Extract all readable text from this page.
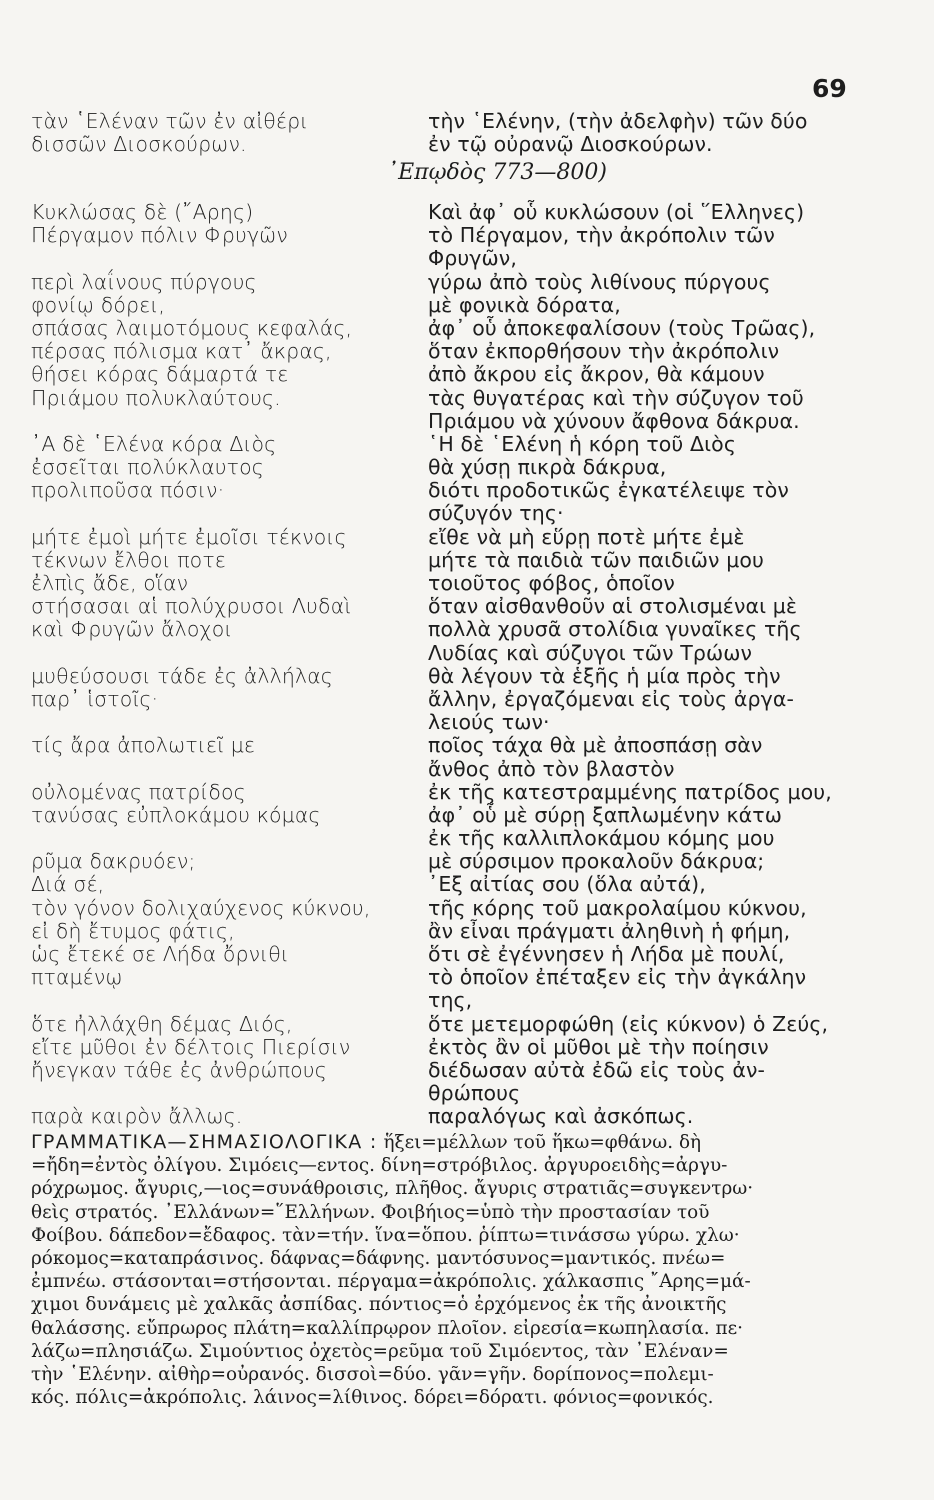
69
τὰν ῾Ελέναν τῶν ἐν αἰθέρι
δισσῶν Διοσκούρων.
τὴν ῾Ελένην, (τὴν ἀδελφὴν) τῶν δύο
ἐν τῷ οὐρανῷ Διοσκούρων.
᾿Επῳδὸς 773—800)
Κυκλώσας δὲ (῎Αρης)
Πέργαμον πόλιν Φρυγῶν
περὶ λαΐνους πύργους
φονίῳ δόρει,
σπάσας λαιμοτόμους κεφαλάς,
πέρσας πόλισμα κατ᾿ ἄκρας,
θήσει κόρας δάμαρτά τε
Πριάμου πολυκλαύτους.
᾿Α δὲ ῾Ελένα κόρα Διὸς
ἐσσεῖται πολύκλαυτος
προλιποῦσα πόσιν·
μήτε ἐμοὶ μήτε ἐμοῖσι τέκνοις
τέκνων ἔλθοι ποτε
ἐλπὶς ἄδε, οἵαν
στήσασαι αἱ πολύχρυσοι Λυδαὶ
καὶ Φρυγῶν ἄλοχοι
μυθεύσουσι τάδε ἐς ἀλλήλας
παρ᾿ ἱστοῖς·
τίς ἄρα ἀπολωτιεῖ με
οὐλομένας πατρίδος
τανύσας εὐπλοκάμου κόμας
ρῦμα δακρυόεν;
Διά σέ,
τὸν γόνον δολιχαύχενος κύκνου,
εἰ δὴ ἔτυμος φάτις,
ὡς ἔτεκέ σε Λήδα ὄρνιθι
πταμένῳ
ὅτε ἠλλάχθη δέμας Διός,
εἴτε μῦθοι ἐν δέλτοις Πιερίσιν
ἤνεγκαν τάθε ἐς ἀνθρώπους
παρὰ καιρὸν ἄλλως.
Καὶ ἀφ᾿ οὗ κυκλώσουν (οἱ ῞Ελληνες)
τὸ Πέργαμον, τὴν ἀκρόπολιν τῶν
Φρυγῶν,
γύρω ἀπὸ τοὺς λιθίνους πύργους
μὲ φονικὰ δόρατα,
ἀφ᾿ οὗ ἀποκεφαλίσουν (τοὺς Τρῶας),
ὅταν ἐκπορθήσουν τὴν ἀκρόπολιν
ἀπὸ ἄκρου εἰς ἄκρον, θὰ κάμουν
τὰς θυγατέρας καὶ τὴν σύζυγον τοῦ
Πριάμου νὰ χύνουν ἄφθονα δάκρυα.
῾Η δὲ ῾Ελένη ἡ κόρη τοῦ Διὸς
θὰ χύσῃ πικρὰ δάκρυα,
διότι προδοτικῶς ἐγκατέλειψε τὸν
σύζυγόν της·
εἴθε νὰ μὴ εὕρῃ ποτὲ μήτε ἐμὲ
μήτε τὰ παιδιὰ τῶν παιδιῶν μου
τοιοῦτος φόβος, ὁποῖον
ὅταν αἰσθανθοῦν αἱ στολισμέναι μὲ
πολλὰ χρυσᾶ στολίδια γυναῖκες τῆς
Λυδίας καὶ σύζυγοι τῶν Τρώων
θὰ λέγουν τὰ ἑξῆς ἡ μία πρὸς τὴν
ἄλλην, ἐργαζόμεναι εἰς τοὺς ἀργα-
λειούς των·
ποῖος τάχα θὰ μὲ ἀποσπάσῃ σὰν
ἄνθος ἀπὸ τὸν βλαστὸν
ἐκ τῆς κατεστραμμένης πατρίδος μου,
ἀφ᾿ οὗ μὲ σύρῃ ξαπλωμένην κάτω
ἐκ τῆς καλλιπλοκάμου κόμης μου
μὲ σύρσιμον προκαλοῦν δάκρυα;
᾿Εξ αἰτίας σου (ὅλα αὐτά),
τῆς κόρης τοῦ μακρολαίμου κύκνου,
ἂν εἶναι πράγματι ἀληθινὴ ἡ φήμη,
ὅτι σὲ ἐγέννησεν ἡ Λήδα μὲ πουλί,
τὸ ὁποῖον ἐπέταξεν εἰς τὴν ἀγκάλην
της,
ὅτε μετεμορφώθη (εἰς κύκνον) ὁ Ζεύς,
ἐκτὸς ἂν οἱ μῦθοι μὲ τὴν ποίησιν
διέδωσαν αὐτὰ ἐδῶ εἰς τοὺς ἀν-
θρώπους
παραλόγως καὶ ἀσκόπως.
ΓΡΑΜΜΑΤΙΚΑ—ΣΗΜΑΣΙΟΛΟΓΙΚΑ : ἥξει=μέλλων τοῦ ἥκω=φθάνω. δὴ
=ἤδη=ἐντὸς ὀλίγου. Σιμόεις—εντος. δίνη=στρόβιλος. ἀργυροειδὴς=ἀργυ-
ρόχρωμος. ἄγυρις,—ιος=συνάθροισις, πλῆθος. ἄγυρις στρατιᾶς=συγκεντρω·
θεὶς στρατός. ᾿Ελλάνων=῞Ελλήνων. Φοιβήιος=ὑπὸ τὴν προστασίαν τοῦ
Φοίβου. δάπεδον=ἔδαφος. τὰν=τήν. ἵνα=ὅπου. ῥίπτω=τινάσσω γύρω. χλω·
ρόκομος=καταπράσινος. δάφνας=δάφνης. μαντόσυνος=μαντικός. πνέω=
ἐμπνέω. στάσονται=στήσονται. πέργαμα=ἀκρόπολις. χάλκασπις ῎Αρης=μά-
χιμοι δυνάμεις μὲ χαλκᾶς ἀσπίδας. πόντιος=ὁ ἐρχόμενος ἐκ τῆς ἀνοικτῆς
θαλάσσης. εὔπρωρος πλάτη=καλλίπρῳρον πλοῖον. εἰρεσία=κωπηλασία. πε·
λάζω=πλησιάζω. Σιμούντιος ὀχετὸς=ρεῦμα τοῦ Σιμόεντος, τὰν ᾿Ελέναν=
τὴν ῾Ελένην. αἰθὴρ=οὐρανός. δισσοὶ=δύο. γᾶν=γῆν. δορίπονος=πολεμι-
κός. πόλις=ἀκρόπολις. λάινος=λίθινος. δόρει=δόρατι. φόνιος=φονικός.
